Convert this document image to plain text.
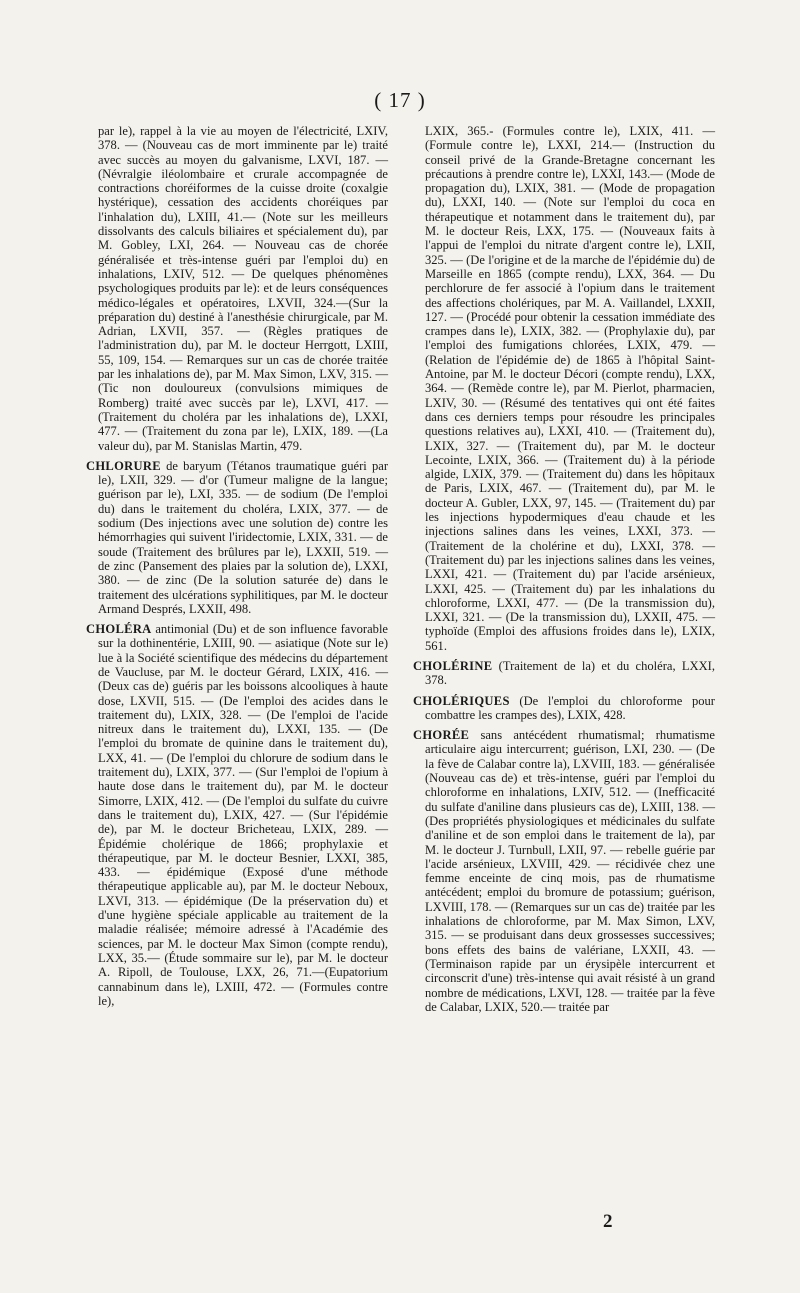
( 17 )

par le), rappel à la vie au moyen de l'électricité, LXIV, 378. — (Nouveau cas de mort imminente par le) traité avec succès au moyen du galvanisme, LXVI, 187. — (Névralgie iléolombaire et crurale accompagnée de contractions choréiformes de la cuisse droite (coxalgie hystérique), cessation des accidents choréiques par l'inhalation du), LXIII, 41.— (Note sur les meilleurs dissolvants des calculs biliaires et spécialement du), par M. Gobley, LXI, 264. — Nouveau cas de chorée généralisée et très-intense guéri par l'emploi du) en inhalations, LXIV, 512. — De quelques phénomènes psychologiques produits par le): et de leurs conséquences médico-légales et opératoires, LXVII, 324.—(Sur la préparation du) destiné à l'anesthésie chirurgicale, par M. Adrian, LXVII, 357. — (Règles pratiques de l'administration du), par M. le docteur Herrgott, LXIII, 55, 109, 154. — Remarques sur un cas de chorée traitée par les inhalations de), par M. Max Simon, LXV, 315. —(Tic non douloureux (convulsions mimiques de Romberg) traité avec succès par le), LXVI, 417. — (Traitement du choléra par les inhalations de), LXXI, 477. — (Traitement du zona par le), LXIX, 189. —(La valeur du), par M. Stanislas Martin, 479.

CHLORURE de baryum (Tétanos traumatique guéri par le), LXII, 329. — d'or (Tumeur maligne de la langue; guérison par le), LXI, 335. — de sodium (De l'emploi du) dans le traitement du choléra, LXIX, 377. — de sodium (Des injections avec une solution de) contre les hémorrhagies qui suivent l'iridectomie, LXIX, 331. — de soude (Traitement des brûlures par le), LXXII, 519. — de zinc (Pansement des plaies par la solution de), LXXI, 380. — de zinc (De la solution saturée de) dans le traitement des ulcérations syphilitiques, par M. le docteur Armand Després, LXXII, 498.

CHOLÉRA antimonial (Du) et de son influence favorable sur la dothinentérie, LXIII, 90. — asiatique (Note sur le) lue à la Société scientifique des médecins du département de Vaucluse, par M. le docteur Gérard, LXIX, 416. — (Deux cas de) guéris par les boissons alcooliques à haute dose, LXVII, 515. — (De l'emploi des acides dans le traitement du), LXIX, 328. — (De l'emploi de l'acide nitreux dans le traitement du), LXXI, 135. — (De l'emploi du bromate de quinine dans le traitement du), LXX, 41. — (De l'emploi du chlorure de sodium dans le traitement du), LXIX, 377. — (Sur l'emploi de l'opium à haute dose dans le traitement du), par M. le docteur Simorre, LXIX, 412. — (De l'emploi du sulfate du cuivre dans le traitement du), LXIX, 427. — (Sur l'épidémie de), par M. le docteur Bricheteau, LXIX, 289. — Épidémie cholérique de 1866; prophylaxie et thérapeutique, par M. le docteur Besnier, LXXI, 385, 433. — épidémique (Exposé d'une méthode thérapeutique applicable au), par M. le docteur Neboux, LXVI, 313. — épidémique (De la préservation du) et d'une hygiène spéciale applicable au traitement de la maladie réalisée; mémoire adressé à l'Académie des sciences, par M. le docteur Max Simon (compte rendu), LXX, 35.— (Étude sommaire sur le), par M. le docteur A. Ripoll, de Toulouse, LXX, 26, 71.—(Eupatorium cannabinum dans le), LXIII, 472. — (Formules contre le),

LXIX, 365.- (Formules contre le), LXIX, 411. —(Formule contre le), LXXI, 214.— (Instruction du conseil privé de la Grande-Bretagne concernant les précautions à prendre contre le), LXXI, 143.— (Mode de propagation du), LXIX, 381. — (Mode de propagation du), LXXI, 140. — (Note sur l'emploi du coca en thérapeutique et notamment dans le traitement du), par M. le docteur Reis, LXX, 175. — (Nouveaux faits à l'appui de l'emploi du nitrate d'argent contre le), LXII, 325. — (De l'origine et de la marche de l'épidémie du) de Marseille en 1865 (compte rendu), LXX, 364. — Du perchlorure de fer associé à l'opium dans le traitement des affections cholériques, par M. A. Vaillandel, LXXII, 127. — (Procédé pour obtenir la cessation immédiate des crampes dans le), LXIX, 382. — (Prophylaxie du), par l'emploi des fumigations chlorées, LXIX, 479. — (Relation de l'épidémie de) de 1865 à l'hôpital Saint-Antoine, par M. le docteur Décori (compte rendu), LXX, 364. — (Remède contre le), par M. Pierlot, pharmacien, LXIV, 30. — (Résumé des tentatives qui ont été faites dans ces derniers temps pour résoudre les principales questions relatives au), LXXI, 410. — (Traitement du), LXIX, 327. — (Traitement du), par M. le docteur Lecointe, LXIX, 366. — (Traitement du) à la période algide, LXIX, 379. — (Traitement du) dans les hôpitaux de Paris, LXIX, 467. — (Traitement du), par M. le docteur A. Gubler, LXX, 97, 145. — (Traitement du) par les injections hypodermiques d'eau chaude et les injections salines dans les veines, LXXI, 373. — (Traitement de la cholérine et du), LXXI, 378. — (Traitement du) par les injections salines dans les veines, LXXI, 421. — (Traitement du) par l'acide arsénieux, LXXI, 425. — (Traitement du) par les inhalations du chloroforme, LXXI, 477. — (De la transmission du), LXXI, 321. — (De la transmission du), LXXII, 475. — typhoïde (Emploi des affusions froides dans le), LXIX, 561.

CHOLÉRINE (Traitement de la) et du choléra, LXXI, 378.

CHOLÉRIQUES (De l'emploi du chloroforme pour combattre les crampes des), LXIX, 428.

CHORÉE sans antécédent rhumatismal; rhumatisme articulaire aigu intercurrent; guérison, LXI, 230. — (De la fève de Calabar contre la), LXVIII, 183. — généralisée (Nouveau cas de) et très-intense, guéri par l'emploi du chloroforme en inhalations, LXIV, 512. — (Inefficacité du sulfate d'aniline dans plusieurs cas de), LXIII, 138. — (Des propriétés physiologiques et médicinales du sulfate d'aniline et de son emploi dans le traitement de la), par M. le docteur J. Turnbull, LXII, 97. — rebelle guérie par l'acide arsénieux, LXVIII, 429. — récidivée chez une femme enceinte de cinq mois, pas de rhumatisme antécédent; emploi du bromure de potassium; guérison, LXVIII, 178. — (Remarques sur un cas de) traitée par les inhalations de chloroforme, par M. Max Simon, LXV, 315. — se produisant dans deux grossesses successives; bons effets des bains de valériane, LXXII, 43. — (Terminaison rapide par un érysipèle intercurrent et circonscrit d'une) très-intense qui avait résisté à un grand nombre de médications, LXVI, 128. — traitée par la fève de Calabar, LXIX, 520.— traitée par

2
